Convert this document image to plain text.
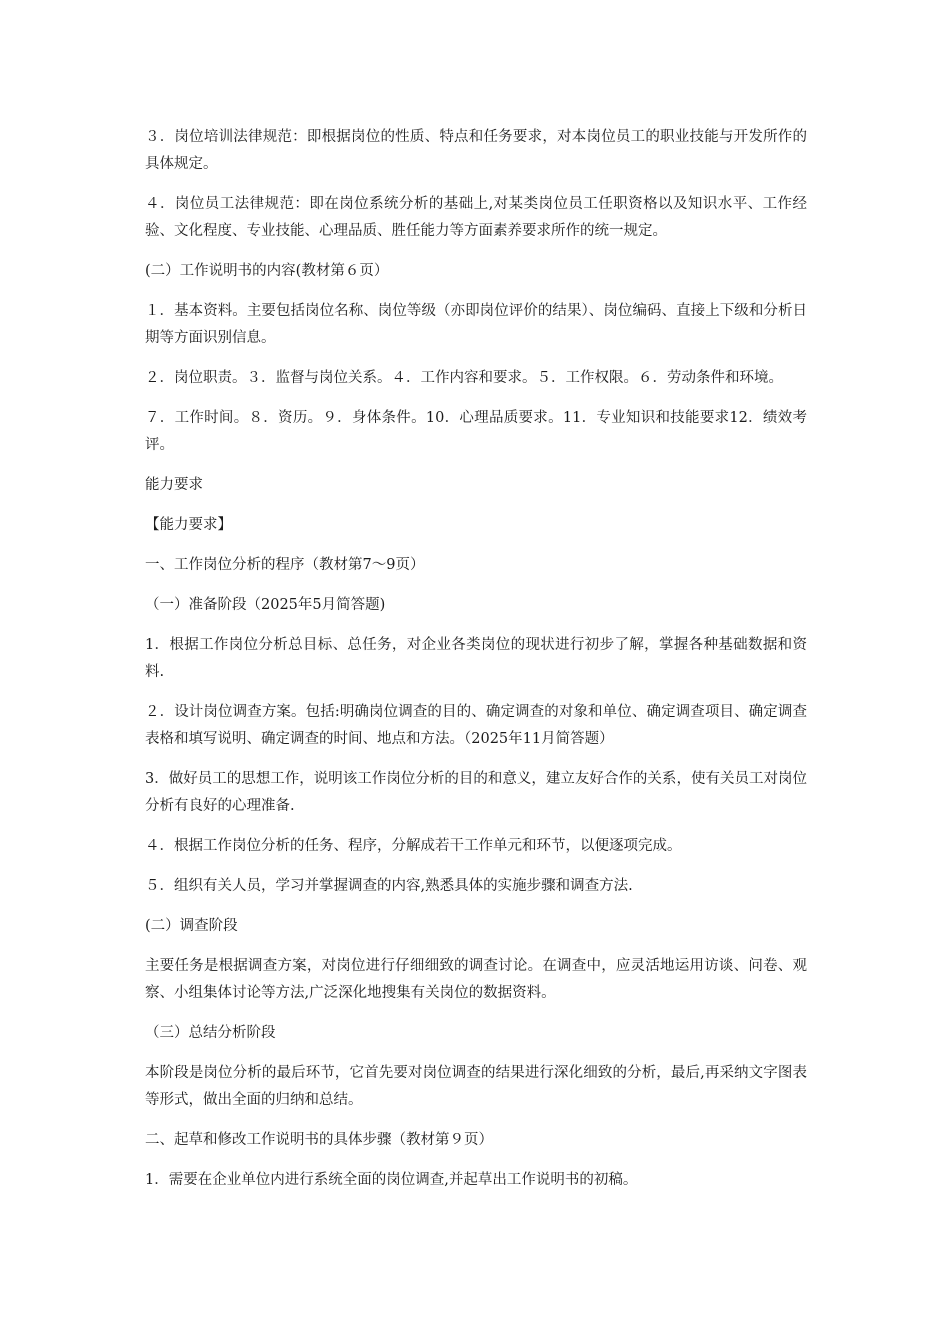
３．岗位培训法律规范：即根据岗位的性质、特点和任务要求，对本岗位员工的职业技能与开发所作的具体规定。

４．岗位员工法律规范：即在岗位系统分析的基础上,对某类岗位员工任职资格以及知识水平、工作经验、文化程度、专业技能、心理品质、胜任能力等方面素养要求所作的统一规定。

(二）工作说明书的内容(教材第６页）

１．基本资料。主要包括岗位名称、岗位等级（亦即岗位评价的结果）、岗位编码、直接上下级和分析日期等方面识别信息。

２．岗位职责。３．监督与岗位关系。４．工作内容和要求。５．工作权限。６．劳动条件和环境。

７．工作时间。８．资历。９．身体条件。10．心理品质要求。11．专业知识和技能要求12．绩效考评。

能力要求

【能力要求】

一、工作岗位分析的程序（教材第7～9页）

（一）准备阶段（2025年5月简答题)

1．根据工作岗位分析总目标、总任务，对企业各类岗位的现状进行初步了解，掌握各种基础数据和资料.

２．设计岗位调查方案。包括:明确岗位调查的目的、确定调查的对象和单位、确定调查项目、确定调查表格和填写说明、确定调查的时间、地点和方法。（2025年11月简答题）

3．做好员工的思想工作，说明该工作岗位分析的目的和意义，建立友好合作的关系，使有关员工对岗位分析有良好的心理准备.

４．根据工作岗位分析的任务、程序，分解成若干工作单元和环节，以便逐项完成。

５．组织有关人员，学习并掌握调查的内容,熟悉具体的实施步骤和调查方法.

(二）调查阶段

主要任务是根据调查方案，对岗位进行仔细细致的调查讨论。在调查中，应灵活地运用访谈、问卷、观察、小组集体讨论等方法,广泛深化地搜集有关岗位的数据资料。

（三）总结分析阶段

本阶段是岗位分析的最后环节，它首先要对岗位调查的结果进行深化细致的分析，最后,再采纳文字图表等形式，做出全面的归纳和总结。

二、起草和修改工作说明书的具体步骤（教材第９页）

1．需要在企业单位内进行系统全面的岗位调查,并起草出工作说明书的初稿。
